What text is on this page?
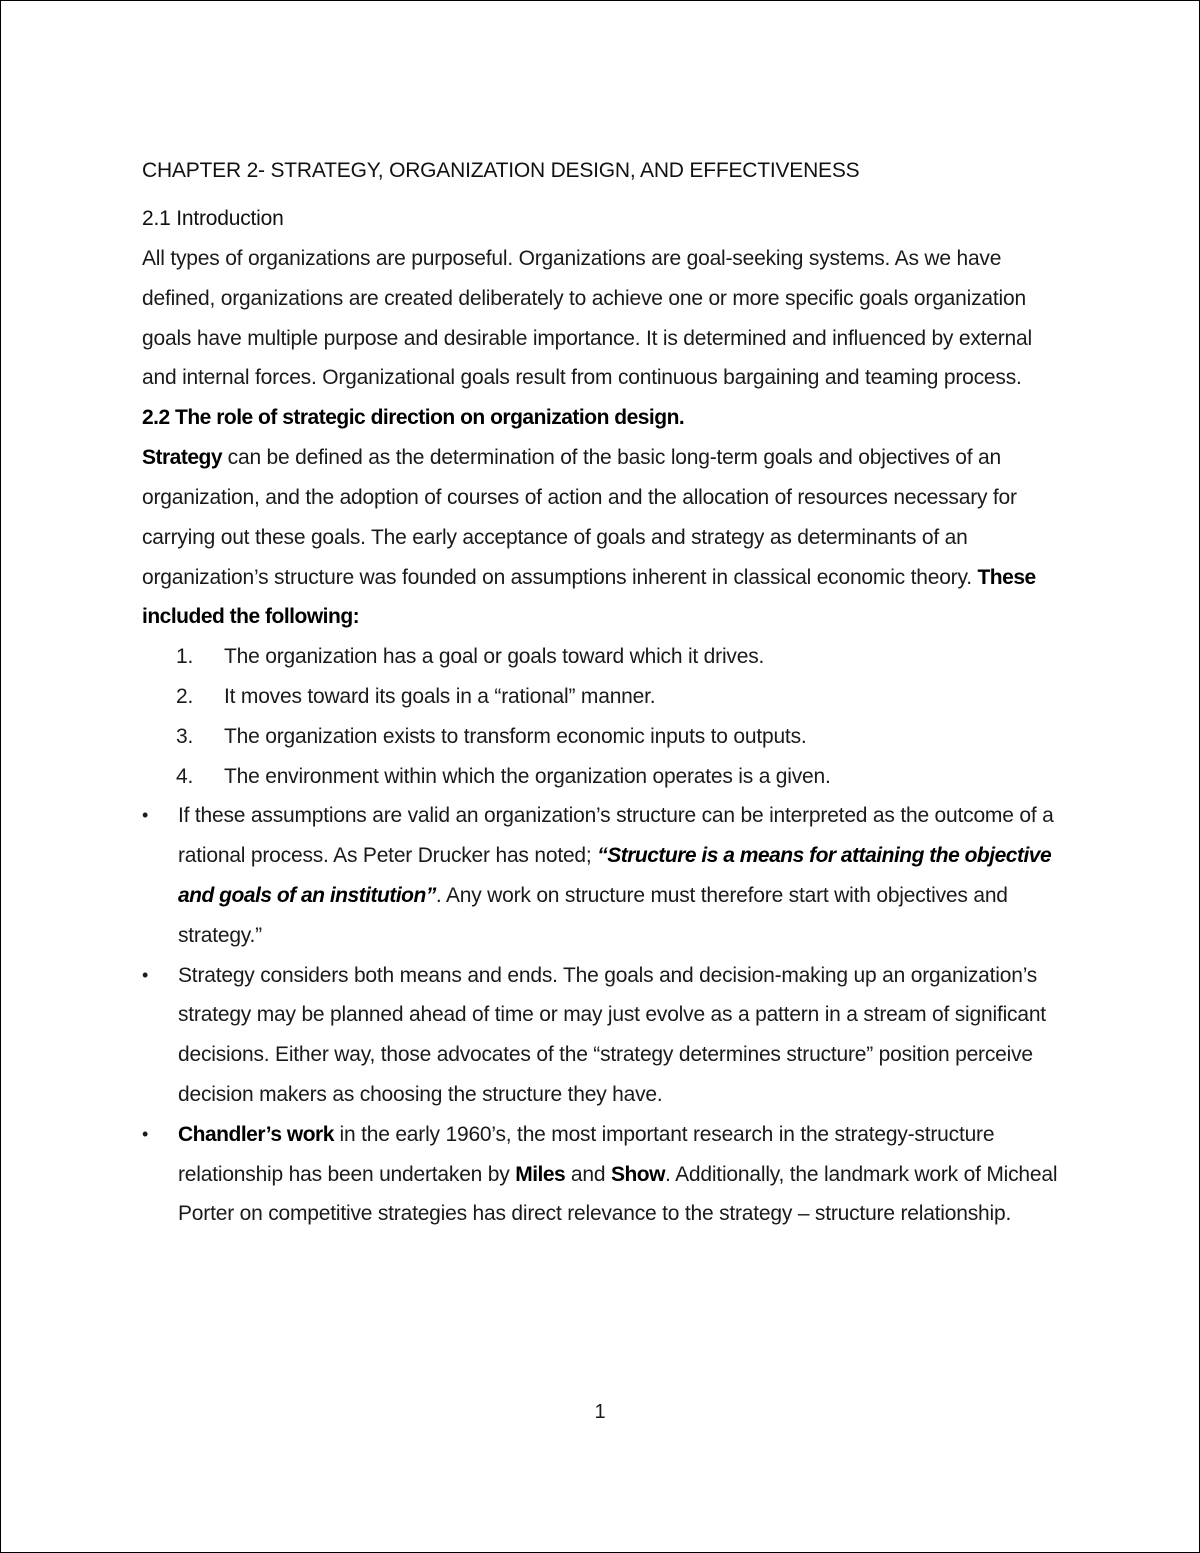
CHAPTER 2- STRATEGY, ORGANIZATION DESIGN, AND EFFECTIVENESS
2.1 Introduction

All types of organizations are purposeful. Organizations are goal-seeking systems. As we have defined, organizations are created deliberately to achieve one or more specific goals organization goals have multiple purpose and desirable importance. It is determined and influenced by external and internal forces. Organizational goals result from continuous bargaining and teaming process.

2.2 The role of strategic direction on organization design.

Strategy can be defined as the determination of the basic long-term goals and objectives of an organization, and the adoption of courses of action and the allocation of resources necessary for carrying out these goals. The early acceptance of goals and strategy as determinants of an organization’s structure was founded on assumptions inherent in classical economic theory. These included the following:

1. The organization has a goal or goals toward which it drives.
2. It moves toward its goals in a “rational” manner.
3. The organization exists to transform economic inputs to outputs.
4. The environment within which the organization operates is a given.
• If these assumptions are valid an organization’s structure can be interpreted as the outcome of a rational process. As Peter Drucker has noted; “Structure is a means for attaining the objective and goals of an institution”. Any work on structure must therefore start with objectives and strategy.”
• Strategy considers both means and ends. The goals and decision-making up an organization’s strategy may be planned ahead of time or may just evolve as a pattern in a stream of significant decisions. Either way, those advocates of the “strategy determines structure” position perceive decision makers as choosing the structure they have.
• Chandler’s work in the early 1960’s, the most important research in the strategy-structure relationship has been undertaken by Miles and Show. Additionally, the landmark work of Micheal Porter on competitive strategies has direct relevance to the strategy – structure relationship.
1
